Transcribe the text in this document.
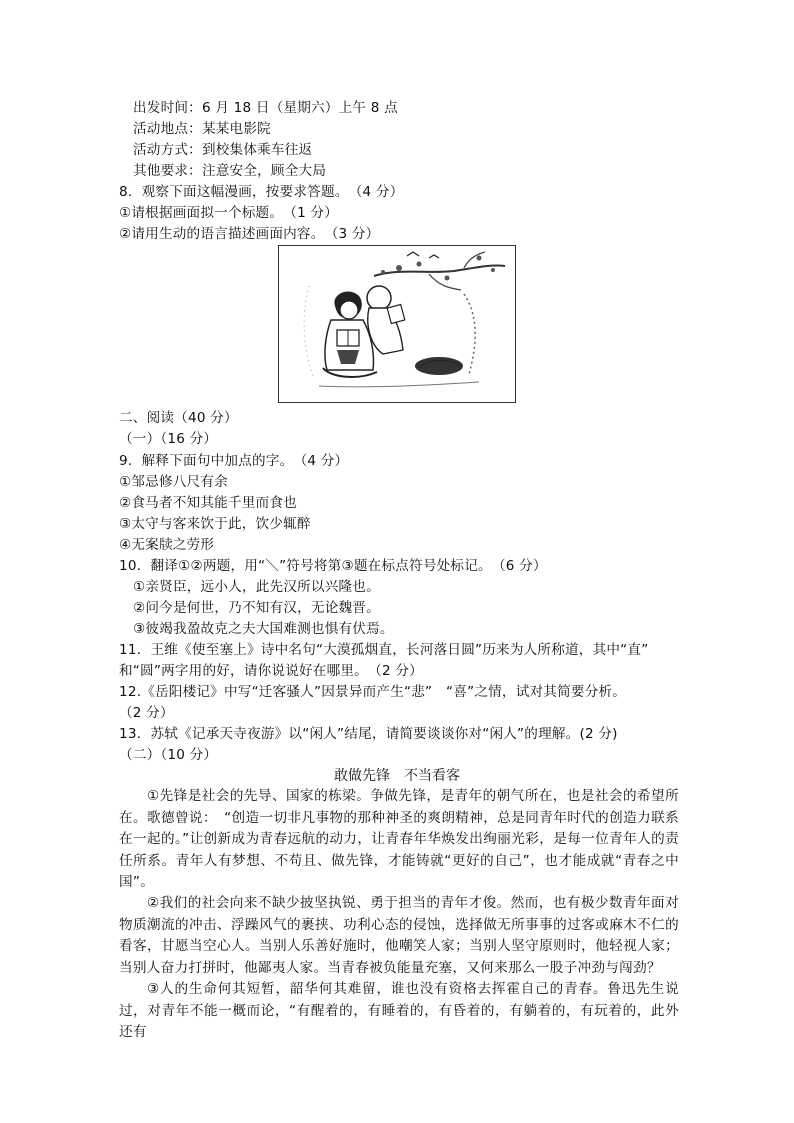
出发时间：6 月 18 日（星期六）上午 8 点
活动地点：某某电影院
活动方式：到校集体乘车往返
其他要求：注意安全，顾全大局
8．观察下面这幅漫画，按要求答题。　（4 分）
①请根据画面拟一个标题。　（1 分）
②请用生动的语言描述画面内容。　（3 分）
二、阅读（40 分）
（一）（16 分）
9．解释下面句中加点的字。　（4 分）
①邹忌修八尺有余
②食马者不知其能千里而食也
③太守与客来饮于此，饮少辄醉
④无案牍之劳形
10．翻译①②两题，用“＼”符号将第③题在标点符号处标记。　（6 分）
①亲贤臣，远小人，此先汉所以兴隆也。
②问今是何世，乃不知有汉，无论魏晋。
③彼竭我盈故克之夫大国难测也惧有伏焉。
11．王维《使至塞上》诗中名句“大漠孤烟直，长河落日圆”历来为人所称道，其中“直”
和“圆”两字用的好，请你说说好在哪里。　（2 分）
12.《岳阳楼记》中写“迁客骚人”因景异而产生“悲”　“喜”之情，试对其简要分析。
（2 分）
13．苏轼《记承天寺夜游》以“闲人”结尾，请简要谈谈你对“闲人”的理解。(2 分)
（二）（10 分）
敢做先锋　不当看客
①先锋是社会的先导、国家的栋梁。争做先锋，是青年的朝气所在，也是社会的希望所在。歌德曾说：　“创造一切非凡事物的那种神圣的爽朗精神，总是同青年时代的创造力联系在一起的。”让创新成为青春远航的动力，让青春年华焕发出绚丽光彩，是每一位青年人的责任所系。青年人有梦想、不苟且、做先锋，才能铸就“更好的自己”，也才能成就“青春之中国”。
②我们的社会向来不缺少披坚执锐、勇于担当的青年才俊。然而，也有极少数青年面对物质潮流的冲击、浮躁风气的裹挟、功利心态的侵蚀，选择做无所事事的过客或麻木不仁的看客，甘愿当空心人。当别人乐善好施时，他嘲笑人家；当别人坚守原则时，他轻视人家；当别人奋力打拼时，他鄙夷人家。当青春被负能量充塞，又何来那么一股子冲劲与闯劲？
③人的生命何其短暂，韶华何其难留，谁也没有资格去挥霍自己的青春。鲁迅先生说过，对青年不能一概而论，“有醒着的，有睡着的，有昏着的，有躺着的，有玩着的，此外还有
